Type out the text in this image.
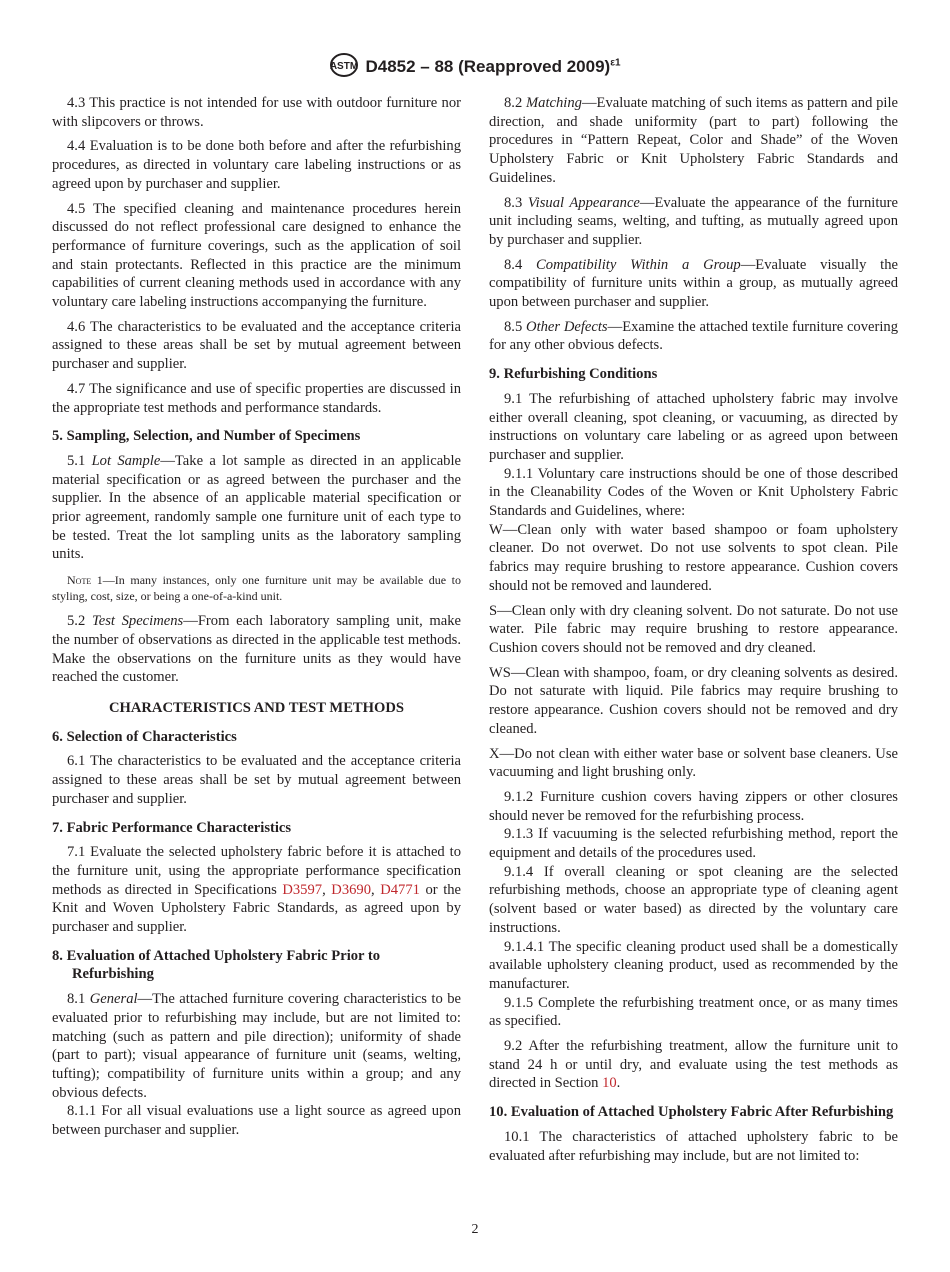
ASTM D4852 – 88 (Reapproved 2009)$^{\varepsilon 1}$
4.3 This practice is not intended for use with outdoor furniture nor with slipcovers or throws.
4.4 Evaluation is to be done both before and after the refurbishing procedures, as directed in voluntary care labeling instructions or as agreed upon by purchaser and supplier.
4.5 The specified cleaning and maintenance procedures herein discussed do not reflect professional care designed to enhance the performance of furniture coverings, such as the application of soil and stain protectants. Reflected in this practice are the minimum capabilities of current cleaning methods used in accordance with any voluntary care labeling instructions accompanying the furniture.
4.6 The characteristics to be evaluated and the acceptance criteria assigned to these areas shall be set by mutual agreement between purchaser and supplier.
4.7 The significance and use of specific properties are discussed in the appropriate test methods and performance standards.
5. Sampling, Selection, and Number of Specimens
5.1 Lot Sample—Take a lot sample as directed in an applicable material specification or as agreed between the purchaser and the supplier. In the absence of an applicable material specification or prior agreement, randomly sample one furniture unit of each type to be tested. Treat the lot sampling units as the laboratory sampling units.
Note 1—In many instances, only one furniture unit may be available due to styling, cost, size, or being a one-of-a-kind unit.
5.2 Test Specimens—From each laboratory sampling unit, make the number of observations as directed in the applicable test methods. Make the observations on the furniture units as they would have reached the customer.
CHARACTERISTICS AND TEST METHODS
6. Selection of Characteristics
6.1 The characteristics to be evaluated and the acceptance criteria assigned to these areas shall be set by mutual agreement between purchaser and supplier.
7. Fabric Performance Characteristics
7.1 Evaluate the selected upholstery fabric before it is attached to the furniture unit, using the appropriate performance specification methods as directed in Specifications D3597, D3690, D4771 or the Knit and Woven Upholstery Fabric Standards, as agreed upon by purchaser and supplier.
8. Evaluation of Attached Upholstery Fabric Prior to Refurbishing
8.1 General—The attached furniture covering characteristics to be evaluated prior to refurbishing may include, but are not limited to: matching (such as pattern and pile direction); uniformity of shade (part to part); visual appearance of furniture unit (seams, welting, tufting); compatibility of furniture units within a group; and any obvious defects.
8.1.1 For all visual evaluations use a light source as agreed upon between purchaser and supplier.
8.2 Matching—Evaluate matching of such items as pattern and pile direction, and shade uniformity (part to part) following the procedures in “Pattern Repeat, Color and Shade” of the Woven Upholstery Fabric or Knit Upholstery Fabric Standards and Guidelines.
8.3 Visual Appearance—Evaluate the appearance of the furniture unit including seams, welting, and tufting, as mutually agreed upon by purchaser and supplier.
8.4 Compatibility Within a Group—Evaluate visually the compatibility of furniture units within a group, as mutually agreed upon between purchaser and supplier.
8.5 Other Defects—Examine the attached textile furniture covering for any other obvious defects.
9. Refurbishing Conditions
9.1 The refurbishing of attached upholstery fabric may involve either overall cleaning, spot cleaning, or vacuuming, as directed by instructions on voluntary care labeling or as agreed upon between purchaser and supplier.
9.1.1 Voluntary care instructions should be one of those described in the Cleanability Codes of the Woven or Knit Upholstery Fabric Standards and Guidelines, where:
W—Clean only with water based shampoo or foam upholstery cleaner. Do not overwet. Do not use solvents to spot clean. Pile fabrics may require brushing to restore appearance. Cushion covers should not be removed and laundered.
S—Clean only with dry cleaning solvent. Do not saturate. Do not use water. Pile fabric may require brushing to restore appearance. Cushion covers should not be removed and dry cleaned.
WS—Clean with shampoo, foam, or dry cleaning solvents as desired. Do not saturate with liquid. Pile fabrics may require brushing to restore appearance. Cushion covers should not be removed and dry cleaned.
X—Do not clean with either water base or solvent base cleaners. Use vacuuming and light brushing only.
9.1.2 Furniture cushion covers having zippers or other closures should never be removed for the refurbishing process.
9.1.3 If vacuuming is the selected refurbishing method, report the equipment and details of the procedures used.
9.1.4 If overall cleaning or spot cleaning are the selected refurbishing methods, choose an appropriate type of cleaning agent (solvent based or water based) as directed by the voluntary care instructions.
9.1.4.1 The specific cleaning product used shall be a domestically available upholstery cleaning product, used as recommended by the manufacturer.
9.1.5 Complete the refurbishing treatment once, or as many times as specified.
9.2 After the refurbishing treatment, allow the furniture unit to stand 24 h or until dry, and evaluate using the test methods as directed in Section 10.
10. Evaluation of Attached Upholstery Fabric After Refurbishing
10.1 The characteristics of attached upholstery fabric to be evaluated after refurbishing may include, but are not limited to:
2
